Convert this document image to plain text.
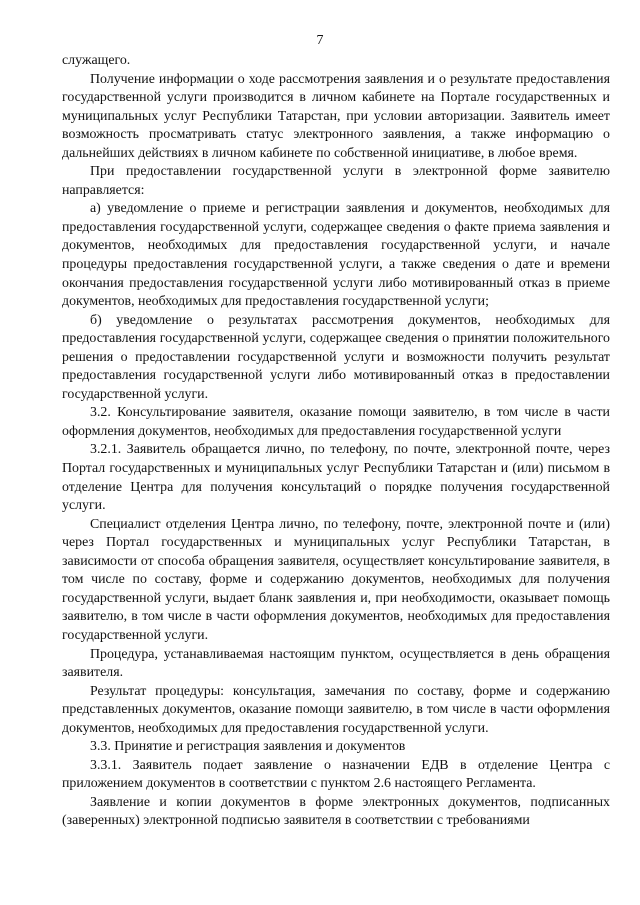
7

служащего.

Получение информации о ходе рассмотрения заявления и о результате предоставления государственной услуги производится в личном кабинете на Портале государственных и муниципальных услуг Республики Татарстан, при условии авторизации. Заявитель имеет возможность просматривать статус электронного заявления, а также информацию о дальнейших действиях в личном кабинете по собственной инициативе, в любое время.

При предоставлении государственной услуги в электронной форме заявителю направляется:

а) уведомление о приеме и регистрации заявления и документов, необходимых для предоставления государственной услуги, содержащее сведения о факте приема заявления и документов, необходимых для предоставления государственной услуги, и начале процедуры предоставления государственной услуги, а также сведения о дате и времени окончания предоставления государственной услуги либо мотивированный отказ в приеме документов, необходимых для предоставления государственной услуги;

б) уведомление о результатах рассмотрения документов, необходимых для предоставления государственной услуги, содержащее сведения о принятии положительного решения о предоставлении государственной услуги и возможности получить результат предоставления государственной услуги либо мотивированный отказ в предоставлении государственной услуги.

3.2. Консультирование заявителя, оказание помощи заявителю, в том числе в части оформления документов, необходимых для предоставления государственной услуги

3.2.1. Заявитель обращается лично, по телефону, по почте, электронной почте, через Портал государственных и муниципальных услуг Республики Татарстан и (или) письмом в отделение Центра для получения консультаций о порядке получения государственной услуги.

Специалист отделения Центра лично, по телефону, почте, электронной почте и (или) через Портал государственных и муниципальных услуг Республики Татарстан, в зависимости от способа обращения заявителя, осуществляет консультирование заявителя, в том числе по составу, форме и содержанию документов, необходимых для получения государственной услуги, выдает бланк заявления и, при необходимости, оказывает помощь заявителю, в том числе в части оформления документов, необходимых для предоставления государственной услуги.

Процедура, устанавливаемая настоящим пунктом, осуществляется в день обращения заявителя.

Результат процедуры: консультация, замечания по составу, форме и содержанию представленных документов, оказание помощи заявителю, в том числе в части оформления документов, необходимых для предоставления государственной услуги.

3.3. Принятие и регистрация заявления и документов

3.3.1. Заявитель подает заявление о назначении ЕДВ в отделение Центра с приложением документов в соответствии с пунктом 2.6 настоящего Регламента.

Заявление и копии документов в форме электронных документов, подписанных (заверенных) электронной подписью заявителя в соответствии с требованиями
